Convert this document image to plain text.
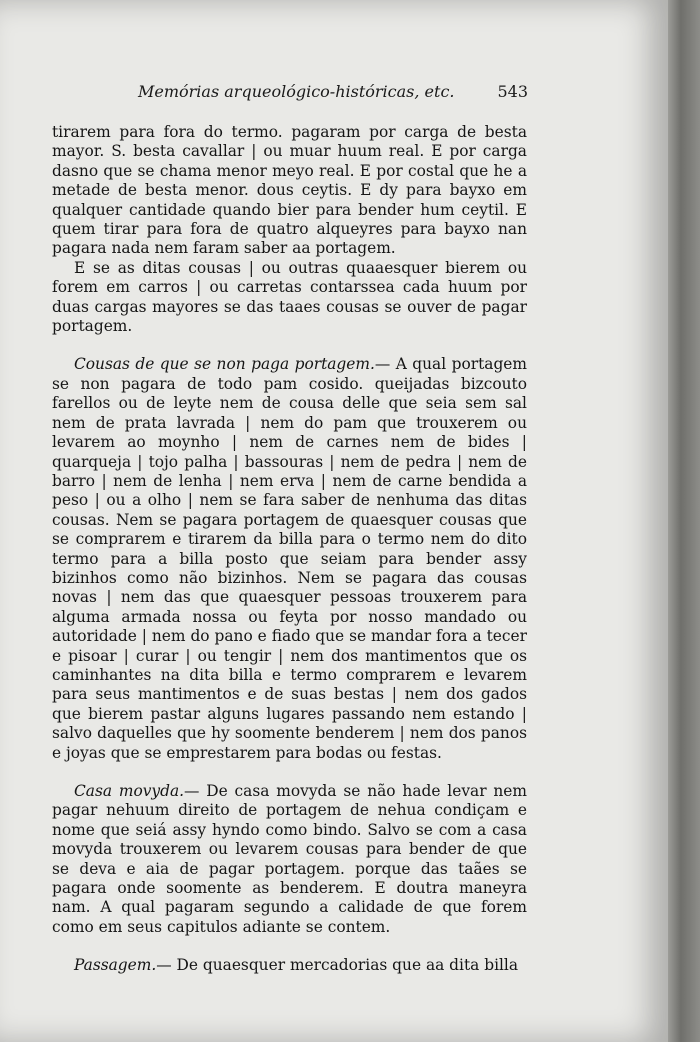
Memórias arqueológico-históricas, etc.	543

tirarem para fora do termo. pagaram por carga de besta mayor. S. besta cavallar | ou muar huum real. E por carga dasno que se chama menor meyo real. E por costal que he a metade de besta menor. dous ceytis. E dy para bayxo em qualquer cantidade quando bier para bender hum ceytil. E quem tirar para fora de quatro alqueyres para bayxo nan pagara nada nem faram saber aa portagem.

E se as ditas cousas | ou outras quaaesquer bierem ou forem em carros | ou carretas contarssea cada huum por duas cargas mayores se das taaes cousas se ouver de pagar portagem.

Cousas de que se non paga portagem.— A qual portagem se non pagara de todo pam cosido. queijadas bizcouto farellos ou de leyte nem de cousa delle que seia sem sal nem de prata lavrada | nem do pam que trouxerem ou levarem ao moynho | nem de carnes nem de bides | quarqueja | tojo palha | bassouras | nem de pedra | nem de barro | nem de lenha | nem erva | nem de carne bendida a peso | ou a olho | nem se fara saber de nenhuma das ditas cousas. Nem se pagara portagem de quaesquer cousas que se comprarem e tirarem da billa para o termo nem do dito termo para a billa posto que seiam para bender assy bizinhos como não bizinhos. Nem se pagara das cousas novas | nem das que quaesquer pessoas trouxerem para alguma armada nossa ou feyta por nosso mandado ou autoridade | nem do pano e fiado que se mandar fora a tecer e pisoar | curar | ou tengir | nem dos mantimentos que os caminhantes na dita billa e termo comprarem e levarem para seus mantimentos e de suas bestas | nem dos gados que bierem pastar alguns lugares passando nem estando | salvo daquelles que hy soomente benderem | nem dos panos e joyas que se emprestarem para bodas ou festas.

Casa movyda.— De casa movyda se não hade levar nem pagar nehuum direito de portagem de nehua condiçam e nome que seiá assy hyndo como bindo. Salvo se com a casa movyda trouxerem ou levarem cousas para bender de que se deva e aia de pagar portagem. porque das taães se pagara onde soomente as benderem. E doutra maneyra nam. A qual pagaram segundo a calidade de que forem como em seus capitulos adiante se contem.

Passagem.— De quaesquer mercadorias que aa dita billa
